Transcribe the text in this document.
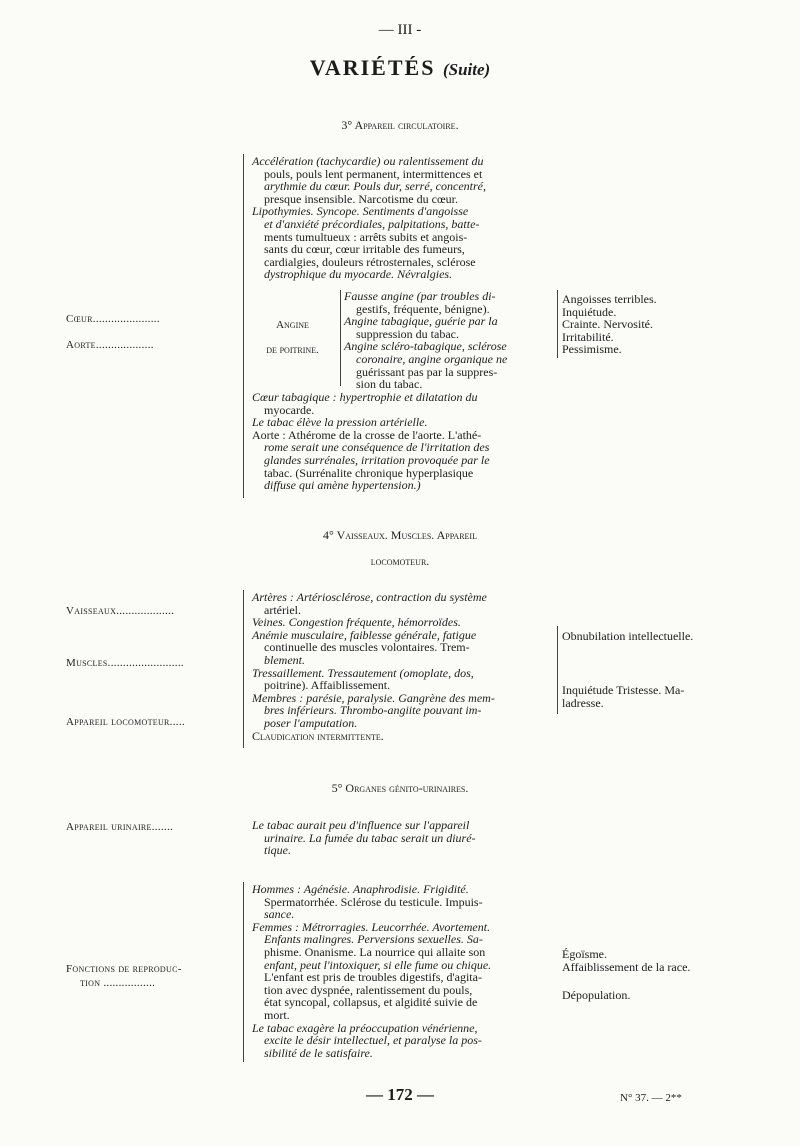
— III -
VARIÉTÉS (Suite)
3° Appareil circulatoire.
Cœur......................
Aorte...................
Accélération (tachycardie) ou ralentissement du
pouls, pouls lent permanent, intermittences et
arythmie du cœur. Pouls dur, serré, concentré,
presque insensible. Narcotisme du cœur.
Lipothymies. Syncope. Sentiments d'angoisse
et d'anxiété précordiales, palpitations, batte-
ments tumultueux : arrêts subits et angois-
sants du cœur, cœur irritable des fumeurs,
cardialgies, douleurs rétrosternales, sclérose
dystrophique du myocarde. Névralgies.
Angine
de poitrine.
Fausse angine (par troubles di-
gestifs, fréquente, bénigne).
Angine tabagique, guérie par la
suppression du tabac.
Angine scléro-tabagique, sclérose
coronaire, angine organique ne
guérissant pas par la suppres-
sion du tabac.
Cœur tabagique : hypertrophie et dilatation du
myocarde.
Le tabac élève la pression artérielle.
Aorte : Athérome de la crosse de l'aorte. L'athé-
rome serait une conséquence de l'irritation des
glandes surrénales, irritation provoquée par le
tabac. (Surrénalite chronique hyperplasique
diffuse qui amène hypertension.)
Angoisses terribles.
Inquiétude.
Crainte. Nervosité.
Irritabilité.
Pessimisme.
4° Vaisseaux. Muscles. Appareil
locomoteur.
Vaisseaux...................
Muscles.........................
Appareil locomoteur.....
Artères : Artériosclérose, contraction du système
artériel.
Veines. Congestion fréquente, hémorroïdes.
Anémie musculaire, faiblesse générale, fatigue
continuelle des muscles volontaires. Trem-
blement.
Tressaillement. Tressautement (omoplate, dos,
poitrine). Affaiblissement.
Membres : parésie, paralysie. Gangrène des mem-
bres inférieurs. Thrombo-angiite pouvant im-
poser l'amputation.
Claudication intermittente.
Obnubilation intellectuelle.
Inquiétude Tristesse. Ma-
ladresse.
5° Organes génito-urinaires.
Appareil urinaire.......	Le tabac aurait peu d'influence sur l'appareil
urinaire. La fumée du tabac serait un diuré-
tique.
Fonctions de reproduc-
tion .................
Hommes : Agénésie. Anaphrodisie. Frigidité.
Spermatorrhée. Sclérose du testicule. Impuis-
sance.
Femmes : Métrorragies. Leucorrhée. Avortement.
Enfants malingres. Perversions sexuelles. Sa-
phisme. Onanisme. La nourrice qui allaite son
enfant, peut l'intoxiquer, si elle fume ou chique.
L'enfant est pris de troubles digestifs, d'agita-
tion avec dyspnée, ralentissement du pouls,
état syncopal, collapsus, et algidité suivie de
mort.
Le tabac exagère la préoccupation vénérienne,
excite le désir intellectuel, et paralyse la pos-
sibilité de le satisfaire.
Égoïsme.
Affaiblissement de la race.
Dépopulation.
— 172 —	N° 37. — 2**
